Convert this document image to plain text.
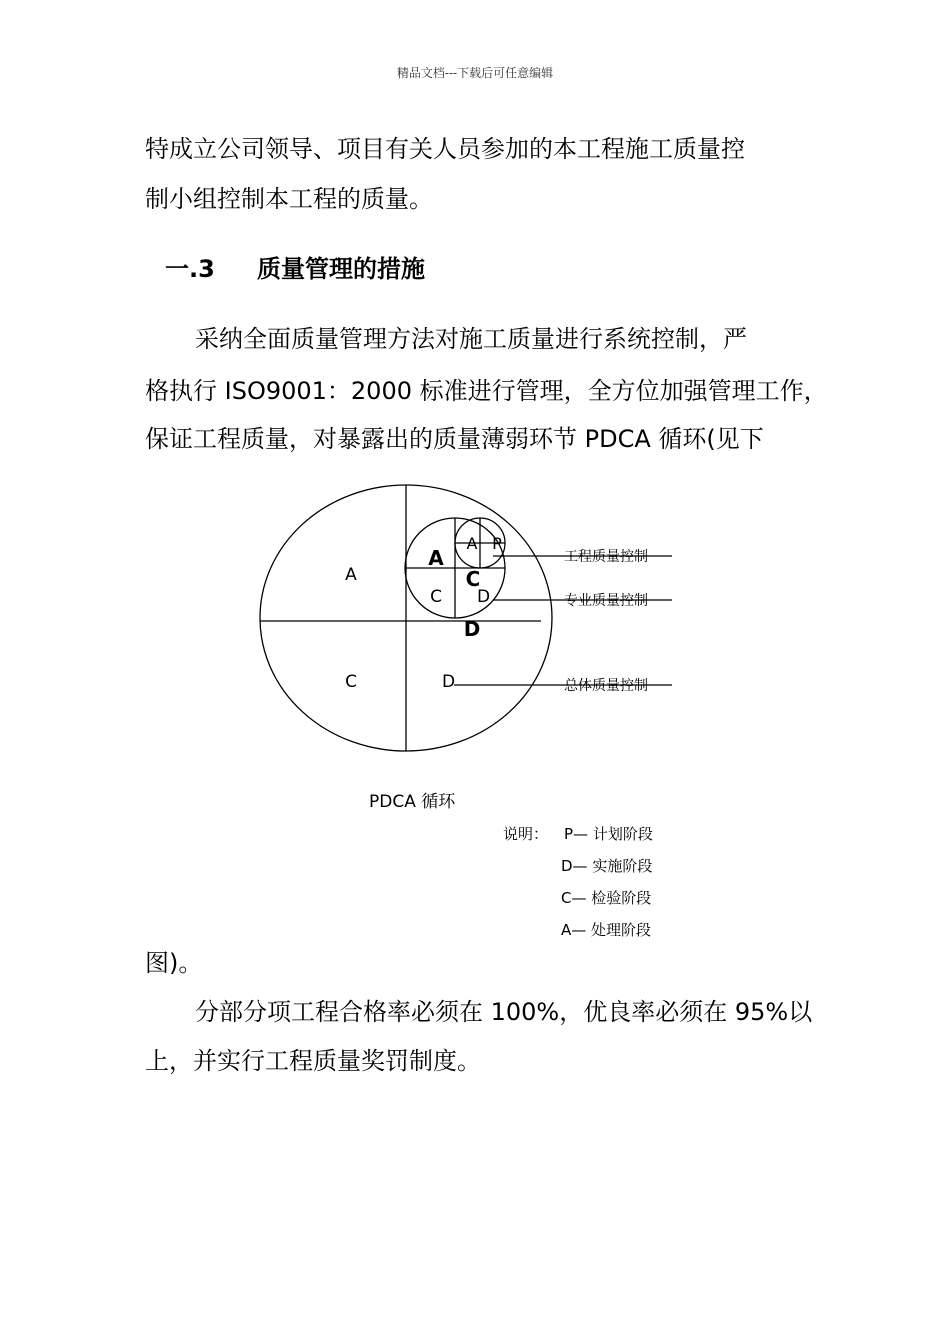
精品文档---下载后可任意编辑
特成立公司领导、项目有关人员参加的本工程施工质量控
制小组控制本工程的质量。
一.3 质量管理的措施
采纳全面质量管理方法对施工质量进行系统控制，严
格执行 ISO9001：2000 标准进行管理，全方位加强管理工作，
保证工程质量，对暴露出的质量薄弱环节 PDCA 循环(见下
A
C	D
A
C D
C
D
A P
工程质量控制
专业质量控制
总体质量控制
PDCA 循环
说明： P— 计划阶段
D— 实施阶段
C— 检验阶段
A— 处理阶段
图)。
分部分项工程合格率必须在 100%，优良率必须在 95%以
上，并实行工程质量奖罚制度。
